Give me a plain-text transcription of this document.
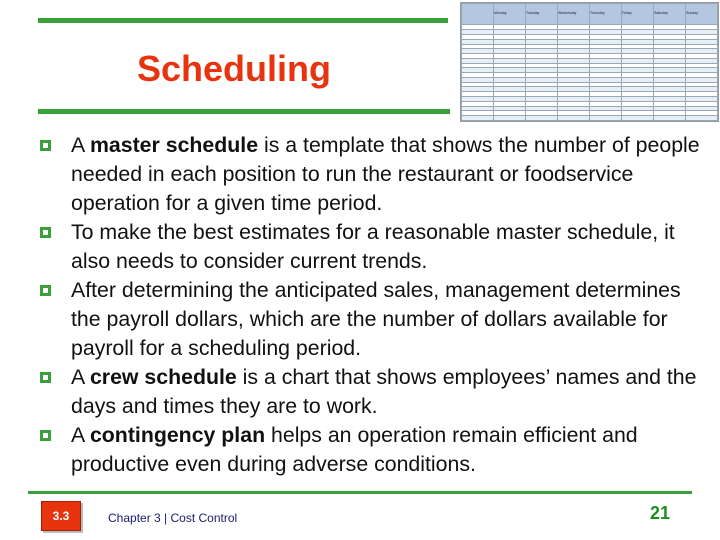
Scheduling
	Monday	Tuesday	Wednesday	Thursday	Friday	Saturday	Sunday

A master schedule is a template that shows the number of people needed in each position to run the restaurant or foodservice operation for a given time period.
To make the best estimates for a reasonable master schedule, it also needs to consider current trends.
After determining the anticipated sales, management determines the payroll dollars, which are the number of dollars available for payroll for a scheduling period.
A crew schedule is a chart that shows employees’ names and the days and times they are to work.
A contingency plan helps an operation remain efficient and productive even during adverse conditions.
3.3	Chapter 3 | Cost Control	21
